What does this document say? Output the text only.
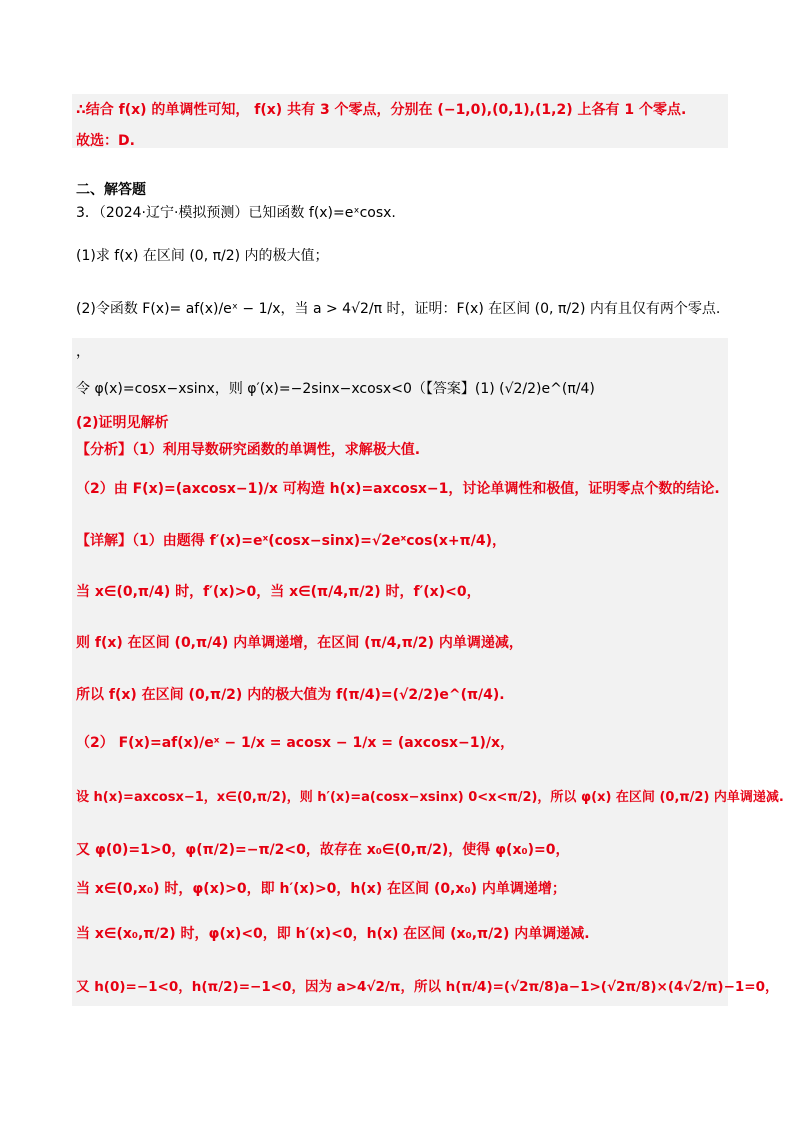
∴结合 f(x) 的单调性可知， f(x) 共有 3 个零点，分别在 (−1,0),(0,1),(1,2) 上各有 1 个零点.
故选：D.
二、解答题
3．（2024·辽宁·模拟预测）已知函数 f(x)=eˣcosx.
(1)求 f(x) 在区间 (0, π/2) 内的极大值；
(2)令函数 F(x)= af(x)/eˣ − 1/x，当 a > 4√2/π 时，证明：F(x) 在区间 (0, π/2) 内有且仅有两个零点.
，
令 φ(x)=cosx−xsinx，则 φ′(x)=−2sinx−xcosx<0（【答案】(1) (√2/2)e^(π/4)
(2)证明见解析
【分析】（1）利用导数研究函数的单调性，求解极大值.
（2）由 F(x)=(axcosx−1)/x 可构造 h(x)=axcosx−1，讨论单调性和极值，证明零点个数的结论.
【详解】（1）由题得 f′(x)=eˣ(cosx−sinx)=√2eˣcos(x+π/4)，
当 x∈(0,π/4) 时，f′(x)>0，当 x∈(π/4,π/2) 时，f′(x)<0，
则 f(x) 在区间 (0,π/4) 内单调递增，在区间 (π/4,π/2) 内单调递减，
所以 f(x) 在区间 (0,π/2) 内的极大值为 f(π/4)=(√2/2)e^(π/4).
（2） F(x)=af(x)/eˣ − 1/x = acosx − 1/x = (axcosx−1)/x，
设 h(x)=axcosx−1，x∈(0,π/2)，则 h′(x)=a(cosx−xsinx) 0<x<π/2)，所以 φ(x) 在区间 (0,π/2) 内单调递减.
又 φ(0)=1>0，φ(π/2)=−π/2<0，故存在 x₀∈(0,π/2)，使得 φ(x₀)=0，
当 x∈(0,x₀) 时，φ(x)>0，即 h′(x)>0，h(x) 在区间 (0,x₀) 内单调递增；
当 x∈(x₀,π/2) 时，φ(x)<0，即 h′(x)<0，h(x) 在区间 (x₀,π/2) 内单调递减.
又 h(0)=−1<0，h(π/2)=−1<0，因为 a>4√2/π，所以 h(π/4)=(√2π/8)a−1>(√2π/8)×(4√2/π)−1=0，
